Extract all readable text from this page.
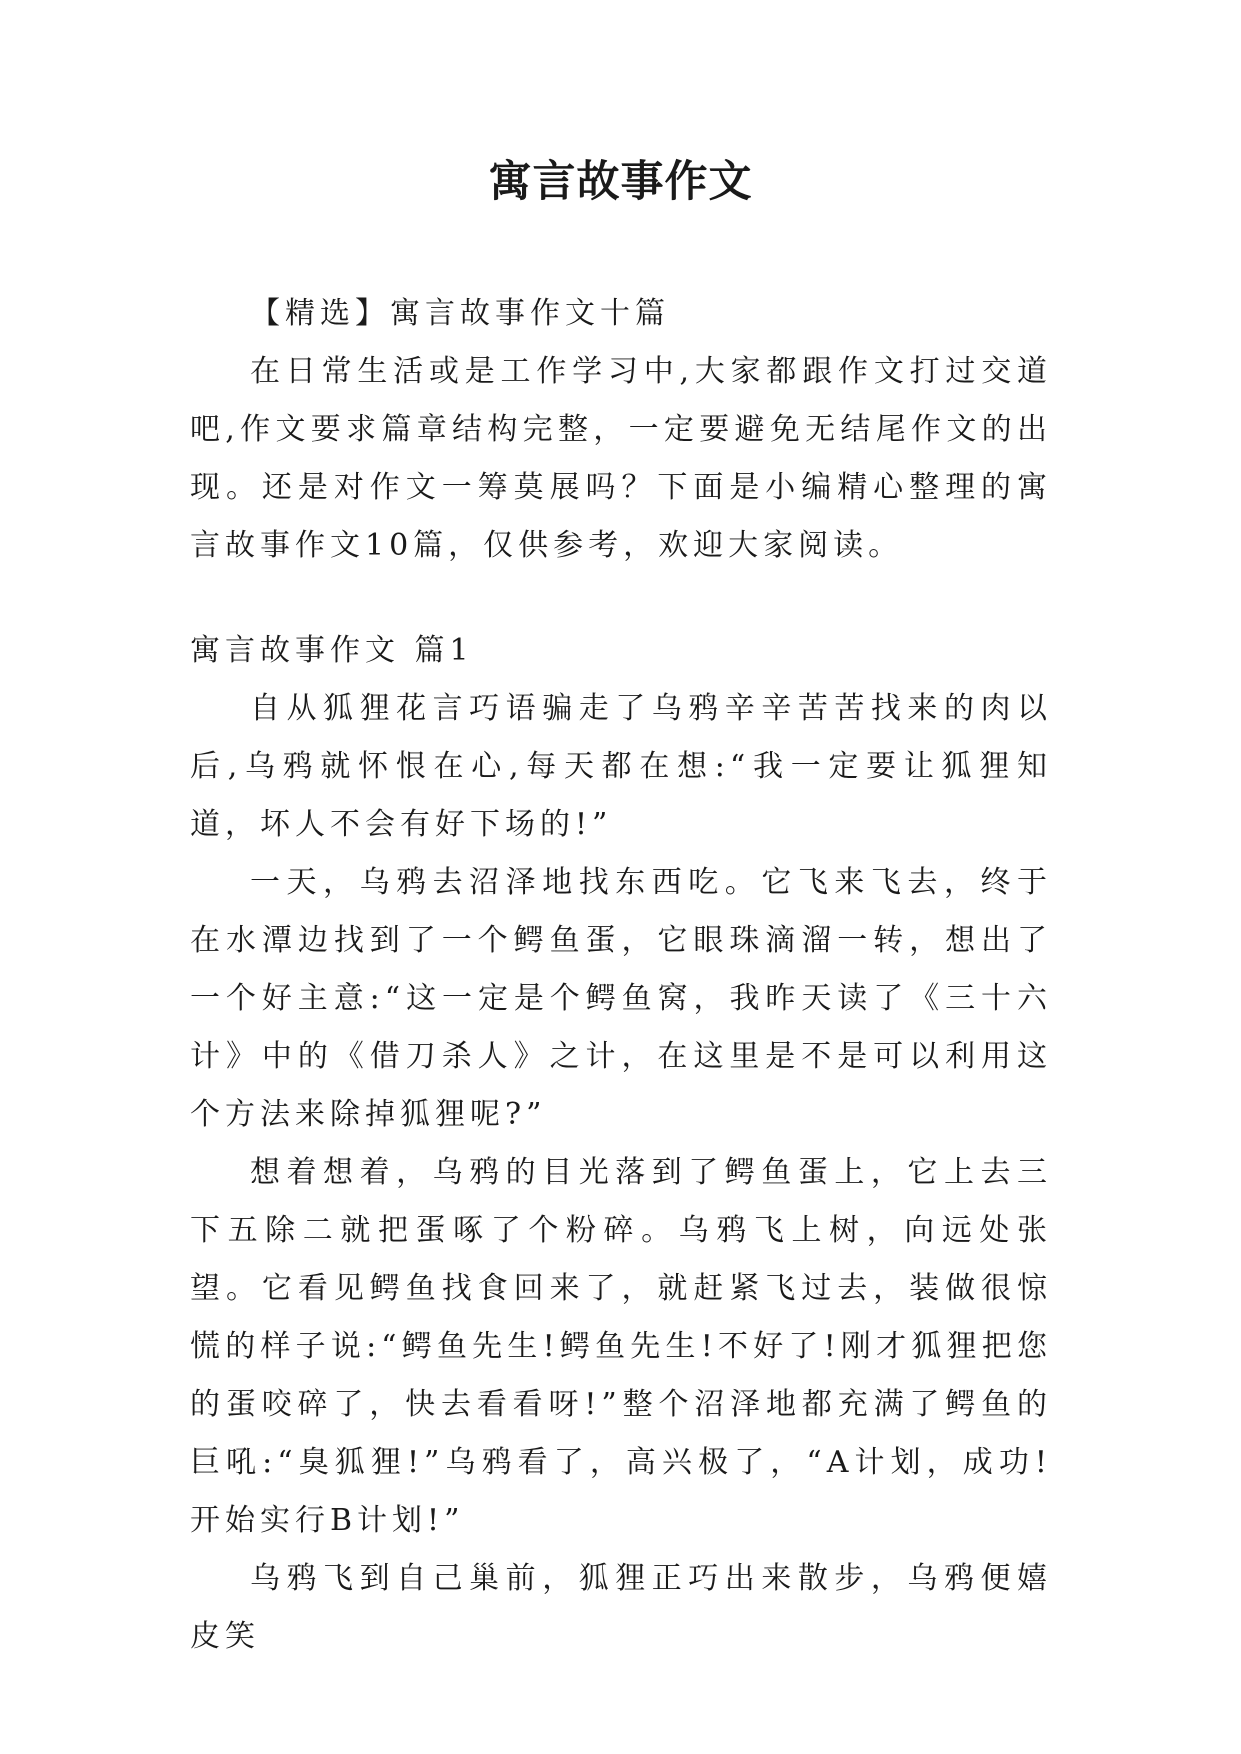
寓言故事作文

【精选】寓言故事作文十篇

在日常生活或是工作学习中,大家都跟作文打过交道吧,作文要求篇章结构完整，一定要避免无结尾作文的出现。还是对作文一筹莫展吗？下面是小编精心整理的寓言故事作文10篇，仅供参考，欢迎大家阅读。

寓言故事作文 篇1

自从狐狸花言巧语骗走了乌鸦辛辛苦苦找来的肉以后,乌鸦就怀恨在心,每天都在想:“我一定要让狐狸知道，坏人不会有好下场的!”

一天，乌鸦去沼泽地找东西吃。它飞来飞去，终于在水潭边找到了一个鳄鱼蛋，它眼珠滴溜一转，想出了一个好主意:“这一定是个鳄鱼窝，我昨天读了《三十六计》中的《借刀杀人》之计，在这里是不是可以利用这个方法来除掉狐狸呢?”

想着想着，乌鸦的目光落到了鳄鱼蛋上，它上去三下五除二就把蛋啄了个粉碎。乌鸦飞上树，向远处张望。它看见鳄鱼找食回来了，就赶紧飞过去，装做很惊慌的样子说:“鳄鱼先生!鳄鱼先生!不好了!刚才狐狸把您的蛋咬碎了，快去看看呀!”整个沼泽地都充满了鳄鱼的巨吼:“臭狐狸!”乌鸦看了，高兴极了，“A计划，成功!开始实行B计划!”

乌鸦飞到自己巢前，狐狸正巧出来散步，乌鸦便嬉皮笑
